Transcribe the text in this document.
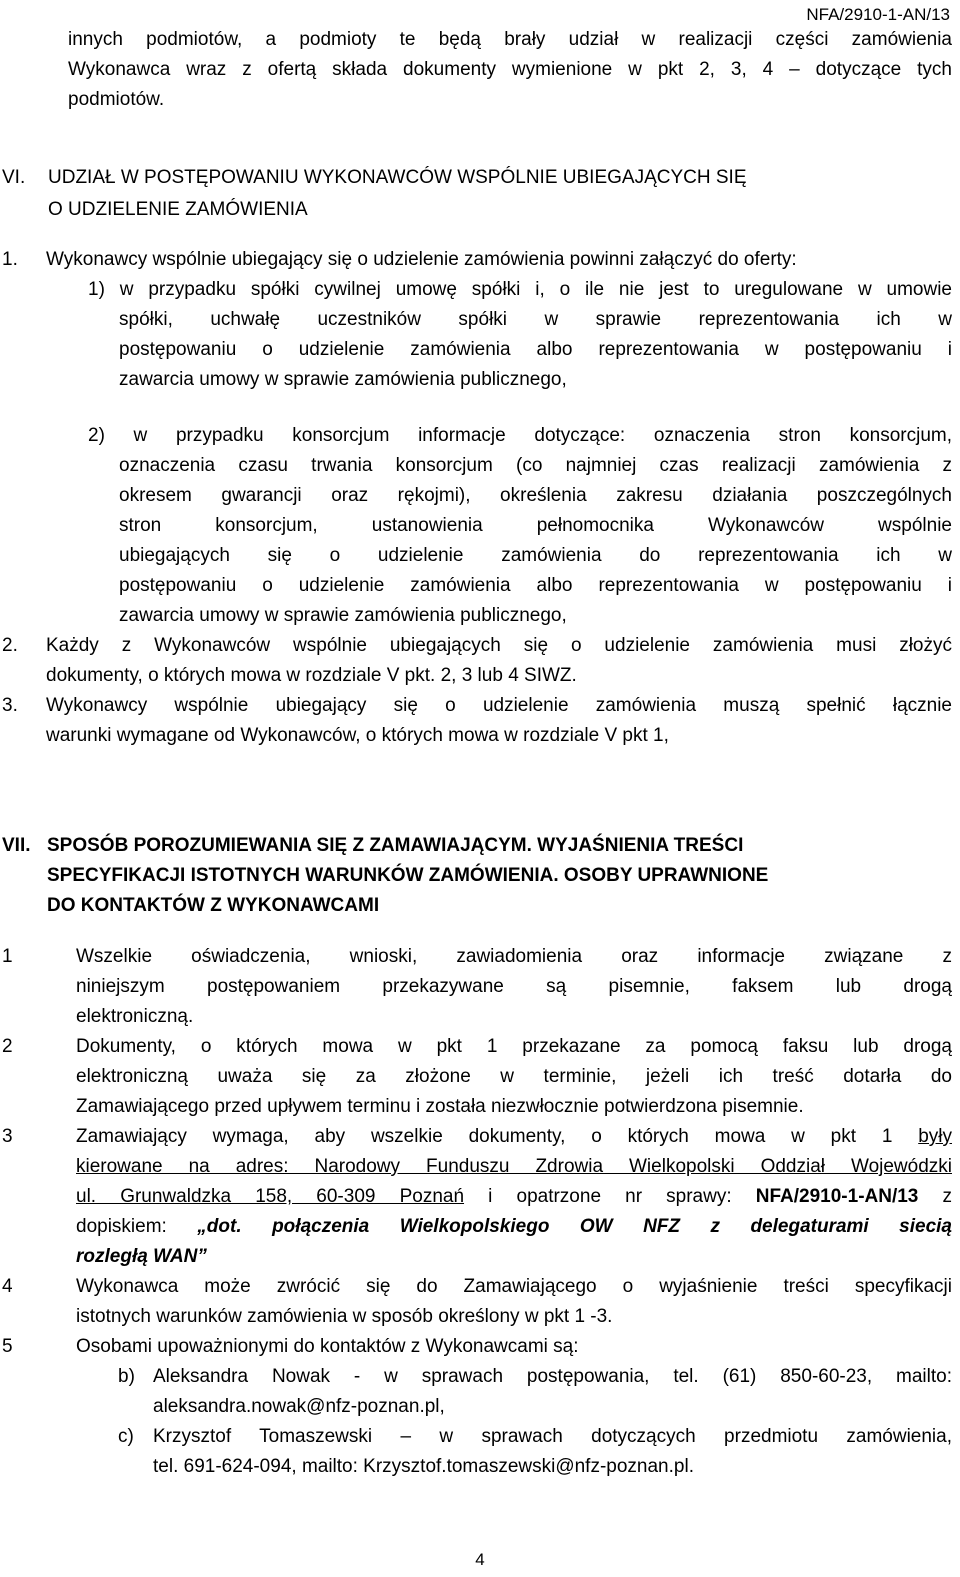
NFA/2910-1-AN/13
innych podmiotów, a podmioty te będą brały udział w realizacji części zamówienia
Wykonawca wraz z ofertą składa dokumenty wymienione w pkt 2, 3, 4 – dotyczące tych
podmiotów.
VI. UDZIAŁ W POSTĘPOWANIU WYKONAWCÓW WSPÓLNIE UBIEGAJĄCYCH SIĘ
O UDZIELENIE ZAMÓWIENIA
1. Wykonawcy wspólnie ubiegający się o udzielenie zamówienia powinni załączyć do oferty:
1) w przypadku spółki cywilnej umowę spółki i, o ile nie jest to uregulowane w umowie
spółki, uchwałę uczestników spółki w sprawie reprezentowania ich w
postępowaniu o udzielenie zamówienia albo reprezentowania w postępowaniu i
zawarcia umowy w sprawie zamówienia publicznego,
2) w przypadku konsorcjum informacje dotyczące: oznaczenia stron konsorcjum,
oznaczenia czasu trwania konsorcjum (co najmniej czas realizacji zamówienia z
okresem gwarancji oraz rękojmi), określenia zakresu działania poszczególnych
stron konsorcjum, ustanowienia pełnomocnika Wykonawców wspólnie
ubiegających się o udzielenie zamówienia do reprezentowania ich w
postępowaniu o udzielenie zamówienia albo reprezentowania w postępowaniu i
zawarcia umowy w sprawie zamówienia publicznego,
2. Każdy z Wykonawców wspólnie ubiegających się o udzielenie zamówienia musi złożyć
dokumenty, o których mowa w rozdziale V pkt. 2, 3 lub 4 SIWZ.
3. Wykonawcy wspólnie ubiegający się o udzielenie zamówienia muszą spełnić łącznie
warunki wymagane od Wykonawców, o których mowa w rozdziale V pkt 1,
VII. SPOSÓB POROZUMIEWANIA SIĘ Z ZAMAWIAJĄCYM. WYJAŚNIENIA TREŚCI
SPECYFIKACJI ISTOTNYCH WARUNKÓW ZAMÓWIENIA. OSOBY UPRAWNIONE
DO KONTAKTÓW Z WYKONAWCAMI
1	Wszelkie oświadczenia, wnioski, zawiadomienia oraz informacje związane z
niniejszym postępowaniem przekazywane są pisemnie, faksem lub drogą
elektroniczną.
2	Dokumenty, o których mowa w pkt 1 przekazane za pomocą faksu lub drogą
elektroniczną uważa się za złożone w terminie, jeżeli ich treść dotarła do
Zamawiającego przed upływem terminu i została niezwłocznie potwierdzona pisemnie.
3	Zamawiający wymaga, aby wszelkie dokumenty, o których mowa w pkt 1 były
kierowane na adres: Narodowy Funduszu Zdrowia Wielkopolski Oddział Wojewódzki
ul. Grunwaldzka 158, 60-309 Poznań i opatrzone nr sprawy: NFA/2910-1-AN/13 z
dopiskiem: „dot. połączenia Wielkopolskiego OW NFZ z delegaturami siecią
rozległą WAN”
4	Wykonawca może zwrócić się do Zamawiającego o wyjaśnienie treści specyfikacji
istotnych warunków zamówienia w sposób określony w pkt 1 -3.
5	Osobami upoważnionymi do kontaktów z Wykonawcami są:
b) Aleksandra Nowak - w sprawach postępowania, tel. (61) 850-60-23, mailto:
aleksandra.nowak@nfz-poznan.pl,
c) Krzysztof Tomaszewski – w sprawach dotyczących przedmiotu zamówienia,
tel. 691-624-094, mailto: Krzysztof.tomaszewski@nfz-poznan.pl.
4
